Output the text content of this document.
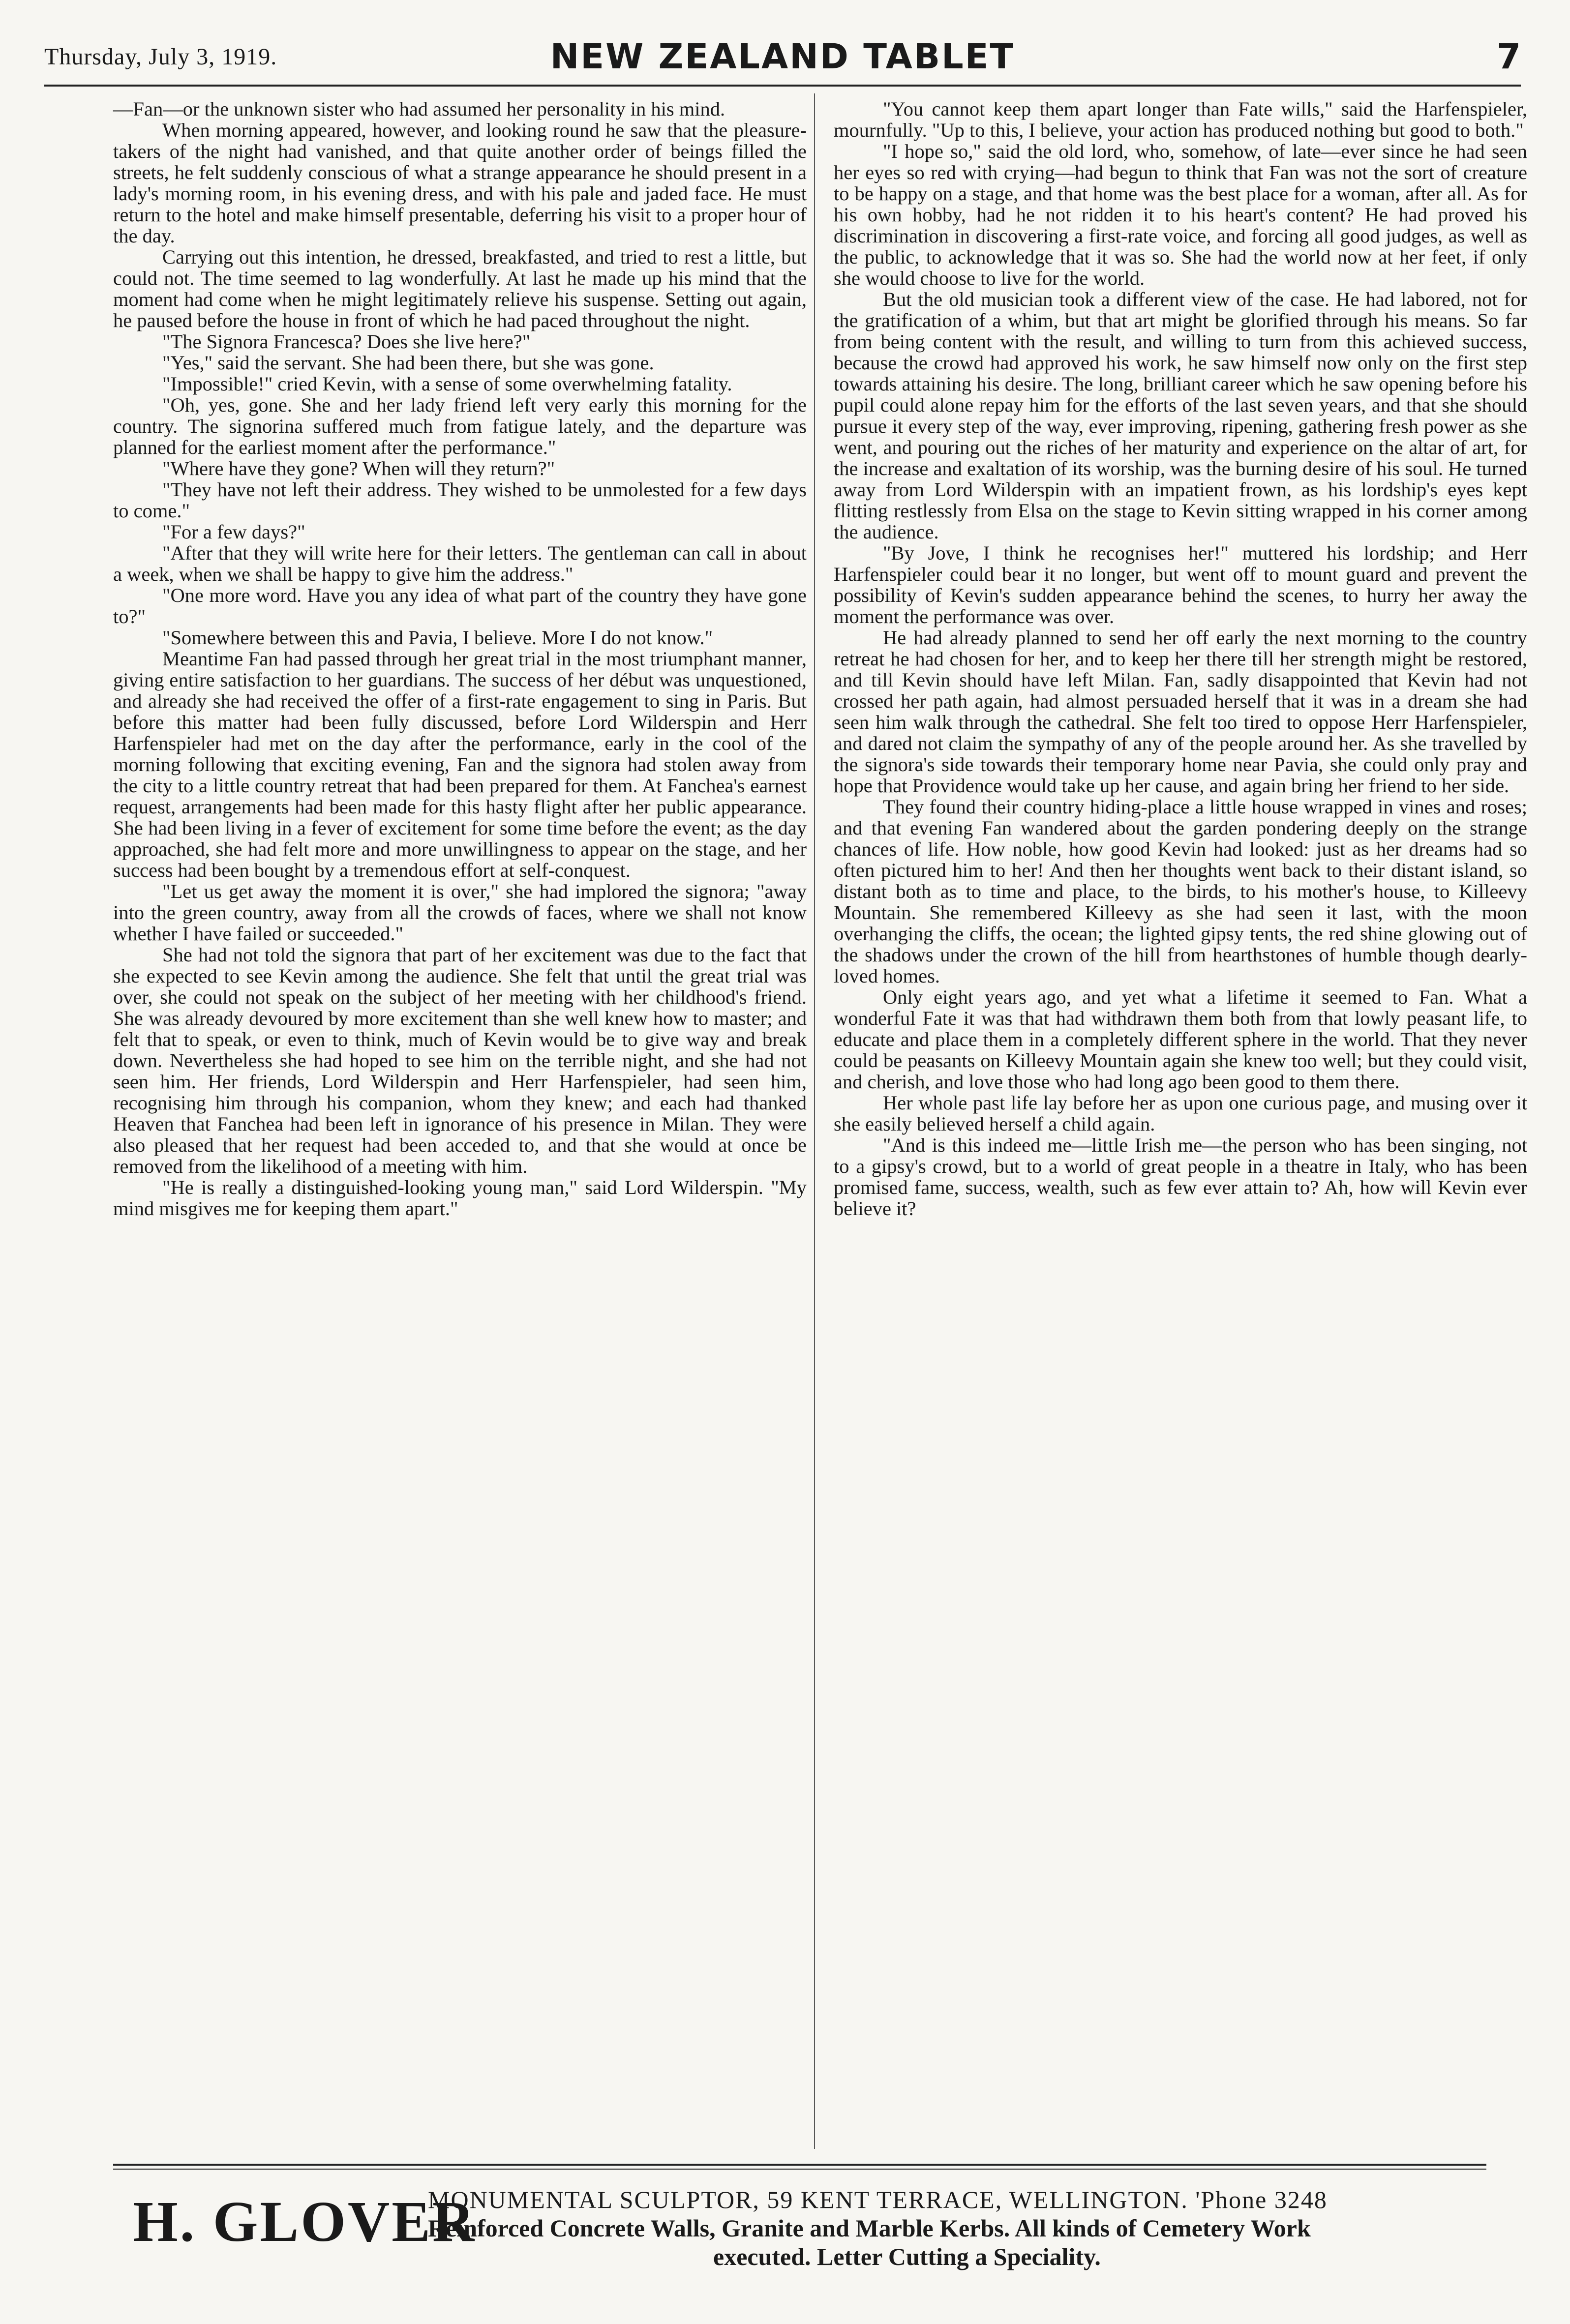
Thursday, July 3, 1919.	NEW ZEALAND TABLET	7

—Fan—or the unknown sister who had assumed her personality in his mind.

When morning appeared, however, and looking round he saw that the pleasure-takers of the night had vanished, and that quite another order of beings filled the streets, he felt suddenly conscious of what a strange appearance he should present in a lady's morning room, in his evening dress, and with his pale and jaded face. He must return to the hotel and make himself presentable, deferring his visit to a proper hour of the day.

Carrying out this intention, he dressed, breakfasted, and tried to rest a little, but could not. The time seemed to lag wonderfully. At last he made up his mind that the moment had come when he might legitimately relieve his suspense. Setting out again, he paused before the house in front of which he had paced throughout the night.

"The Signora Francesca? Does she live here?"

"Yes," said the servant. She had been there, but she was gone.

"Impossible!" cried Kevin, with a sense of some overwhelming fatality.

"Oh, yes, gone. She and her lady friend left very early this morning for the country. The signorina suffered much from fatigue lately, and the departure was planned for the earliest moment after the performance."

"Where have they gone? When will they return?"

"They have not left their address. They wished to be unmolested for a few days to come."

"For a few days?"

"After that they will write here for their letters. The gentleman can call in about a week, when we shall be happy to give him the address."

"One more word. Have you any idea of what part of the country they have gone to?"

"Somewhere between this and Pavia, I believe. More I do not know."

Meantime Fan had passed through her great trial in the most triumphant manner, giving entire satisfaction to her guardians. The success of her début was unquestioned, and already she had received the offer of a first-rate engagement to sing in Paris. But before this matter had been fully discussed, before Lord Wilderspin and Herr Harfenspieler had met on the day after the performance, early in the cool of the morning following that exciting evening, Fan and the signora had stolen away from the city to a little country retreat that had been prepared for them. At Fanchea's earnest request, arrangements had been made for this hasty flight after her public appearance. She had been living in a fever of excitement for some time before the event; as the day approached, she had felt more and more unwillingness to appear on the stage, and her success had been bought by a tremendous effort at self-conquest.

"Let us get away the moment it is over," she had implored the signora; "away into the green country, away from all the crowds of faces, where we shall not know whether I have failed or succeeded."

She had not told the signora that part of her excitement was due to the fact that she expected to see Kevin among the audience. She felt that until the great trial was over, she could not speak on the subject of her meeting with her childhood's friend. She was already devoured by more excitement than she well knew how to master; and felt that to speak, or even to think, much of Kevin would be to give way and break down. Nevertheless she had hoped to see him on the terrible night, and she had not seen him. Her friends, Lord Wilderspin and Herr Harfenspieler, had seen him, recognising him through his companion, whom they knew; and each had thanked Heaven that Fanchea had been left in ignorance of his presence in Milan. They were also pleased that her request had been acceded to, and that she would at once be removed from the likelihood of a meeting with him.

"He is really a distinguished-looking young man," said Lord Wilderspin. "My mind misgives me for keeping them apart."

"You cannot keep them apart longer than Fate wills," said the Harfenspieler, mournfully. "Up to this, I believe, your action has produced nothing but good to both."

"I hope so," said the old lord, who, somehow, of late—ever since he had seen her eyes so red with crying—had begun to think that Fan was not the sort of creature to be happy on a stage, and that home was the best place for a woman, after all. As for his own hobby, had he not ridden it to his heart's content? He had proved his discrimination in discovering a first-rate voice, and forcing all good judges, as well as the public, to acknowledge that it was so. She had the world now at her feet, if only she would choose to live for the world.

But the old musician took a different view of the case. He had labored, not for the gratification of a whim, but that art might be glorified through his means. So far from being content with the result, and willing to turn from this achieved success, because the crowd had approved his work, he saw himself now only on the first step towards attaining his desire. The long, brilliant career which he saw opening before his pupil could alone repay him for the efforts of the last seven years, and that she should pursue it every step of the way, ever improving, ripening, gathering fresh power as she went, and pouring out the riches of her maturity and experience on the altar of art, for the increase and exaltation of its worship, was the burning desire of his soul. He turned away from Lord Wilderspin with an impatient frown, as his lordship's eyes kept flitting restlessly from Elsa on the stage to Kevin sitting wrapped in his corner among the audience.

"By Jove, I think he recognises her!" muttered his lordship; and Herr Harfenspieler could bear it no longer, but went off to mount guard and prevent the possibility of Kevin's sudden appearance behind the scenes, to hurry her away the moment the performance was over.

He had already planned to send her off early the next morning to the country retreat he had chosen for her, and to keep her there till her strength might be restored, and till Kevin should have left Milan. Fan, sadly disappointed that Kevin had not crossed her path again, had almost persuaded herself that it was in a dream she had seen him walk through the cathedral. She felt too tired to oppose Herr Harfenspieler, and dared not claim the sympathy of any of the people around her. As she travelled by the signora's side towards their temporary home near Pavia, she could only pray and hope that Providence would take up her cause, and again bring her friend to her side.

They found their country hiding-place a little house wrapped in vines and roses; and that evening Fan wandered about the garden pondering deeply on the strange chances of life. How noble, how good Kevin had looked: just as her dreams had so often pictured him to her! And then her thoughts went back to their distant island, so distant both as to time and place, to the birds, to his mother's house, to Killeevy Mountain. She remembered Killeevy as she had seen it last, with the moon overhanging the cliffs, the ocean; the lighted gipsy tents, the red shine glowing out of the shadows under the crown of the hill from hearthstones of humble though dearly-loved homes.

Only eight years ago, and yet what a lifetime it seemed to Fan. What a wonderful Fate it was that had withdrawn them both from that lowly peasant life, to educate and place them in a completely different sphere in the world. That they never could be peasants on Killeevy Mountain again she knew too well; but they could visit, and cherish, and love those who had long ago been good to them there.

Her whole past life lay before her as upon one curious page, and musing over it she easily believed herself a child again.

"And is this indeed me—little Irish me—the person who has been singing, not to a gipsy's crowd, but to a world of great people in a theatre in Italy, who has been promised fame, success, wealth, such as few ever attain to? Ah, how will Kevin ever believe it?

H. GLOVER
MONUMENTAL SCULPTOR, 59 KENT TERRACE, WELLINGTON. 'Phone 3248
Reinforced Concrete Walls, Granite and Marble Kerbs. All kinds of Cemetery Work
executed. Letter Cutting a Speciality.
